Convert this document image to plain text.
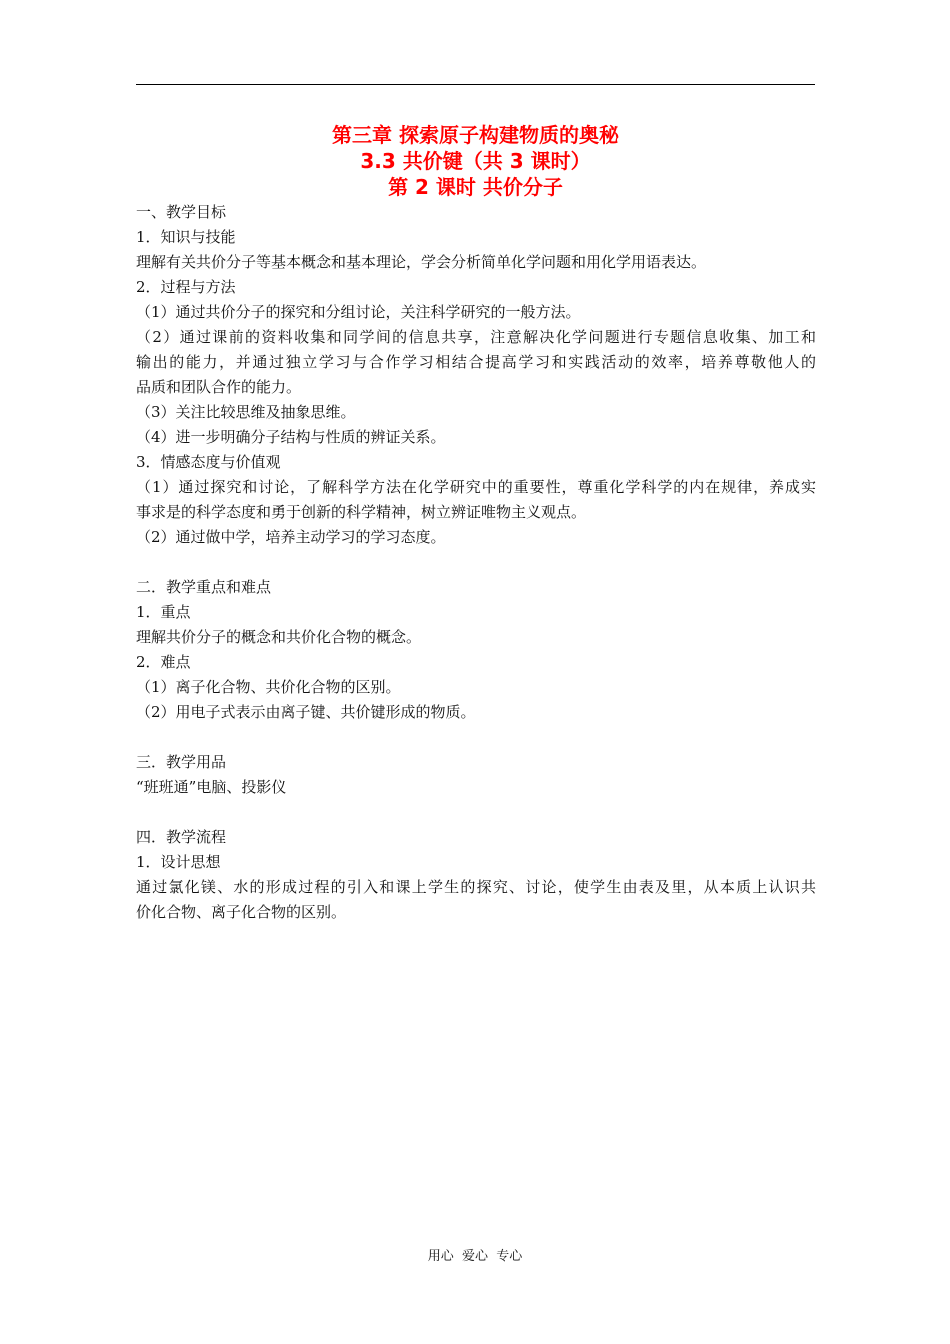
第三章 探索原子构建物质的奥秘
3.3 共价键（共 3 课时）
第 2 课时 共价分子
一、教学目标
1．知识与技能
理解有关共价分子等基本概念和基本理论，学会分析简单化学问题和用化学用语表达。
2．过程与方法
（1）通过共价分子的探究和分组讨论，关注科学研究的一般方法。
（2）通过课前的资料收集和同学间的信息共享，注意解决化学问题进行专题信息收集、加工和
输出的能力，并通过独立学习与合作学习相结合提高学习和实践活动的效率，培养尊敬他人的
品质和团队合作的能力。
（3）关注比较思维及抽象思维。
（4）进一步明确分子结构与性质的辨证关系。
3．情感态度与价值观
（1）通过探究和讨论，了解科学方法在化学研究中的重要性，尊重化学科学的内在规律，养成实
事求是的科学态度和勇于创新的科学精神，树立辨证唯物主义观点。
（2）通过做中学，培养主动学习的学习态度。
二．教学重点和难点
1．重点
理解共价分子的概念和共价化合物的概念。
2．难点
（1）离子化合物、共价化合物的区别。
（2）用电子式表示由离子键、共价键形成的物质。
三．教学用品
“班班通”电脑、投影仪
四．教学流程
1．设计思想
通过氯化镁、水的形成过程的引入和课上学生的探究、讨论，使学生由表及里，从本质上认识共
价化合物、离子化合物的区别。
用心  爱心  专心
